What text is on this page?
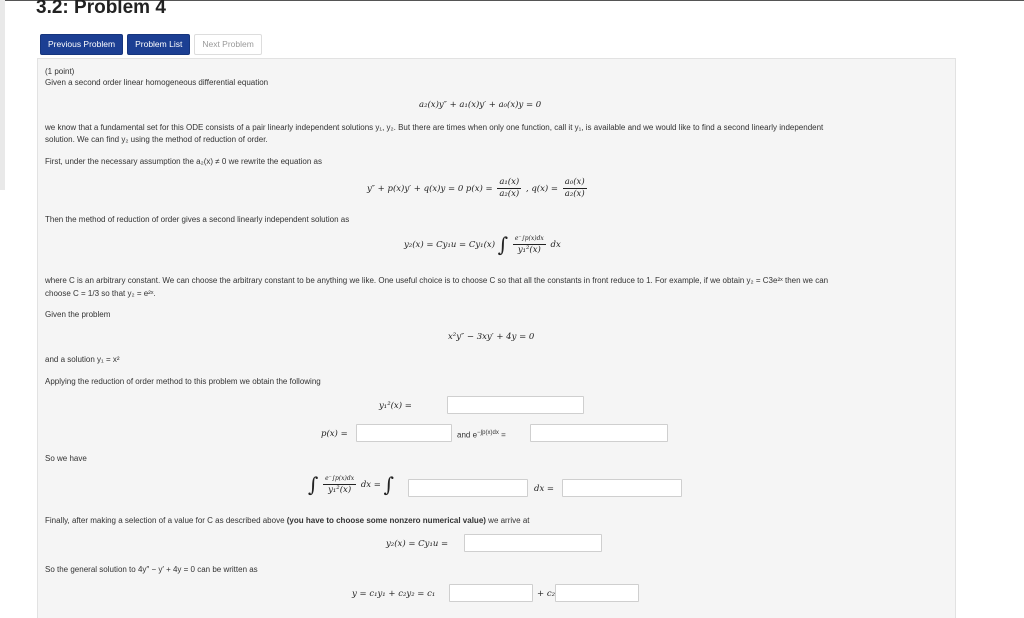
3.2: Problem 4
Previous Problem	Problem List	Next Problem
(1 point)
Given a second order linear homogeneous differential equation
a₂(x)y″ + a₁(x)y′ + a₀(x)y = 0
we know that a fundamental set for this ODE consists of a pair linearly independent solutions y₁, y₂. But there are times when only one function, call it y₁, is available and we would like to find a second linearly independent
solution. We can find y₂ using the method of reduction of order.
First, under the necessary assumption the a₂(x) ≠ 0 we rewrite the equation as
y″ + p(x)y′ + q(x)y = 0 $p(x) = \frac{\text{a₁(x)}}{\text{a₂(x)}}$ , $q(x) = \frac{\text{a₀(x)}}{\text{a₂(x)}}$
Then the method of reduction of order gives a second linearly independent solution as
y₂(x) = Cy₁u = Cy₁(x) ∫ $\frac{e^-\int p(x)dx}{\text{y₁²(x)}}$ dx
where C is an arbitrary constant. We can choose the arbitrary constant to be anything we like. One useful choice is to choose C so that all the constants in front reduce to 1. For example, if we obtain y₂ = C3e²ˣ then we can
choose C = 1/3 so that y₂ = e²ˣ.
Given the problem
x²y″ − 3xy′ + 4y = 0
and a solution y₁ = x²
Applying the reduction of order method to this problem we obtain the following
y₁²(x) =
p(x) =	and $e^{-\int p(x)dx}$ =
So we have
∫ $\frac{e^-\int p(x)dx}{\text{y₁²(x)}}$ dx = ∫	dx =
Finally, after making a selection of a value for C as described above (you have to choose some nonzero numerical value) we arrive at
y₂(x) = Cy₁u =
So the general solution to 4y″ − y′ + 4y = 0 can be written as
y = c₁y₁ + c₂y₂ = c₁	+ c₂
